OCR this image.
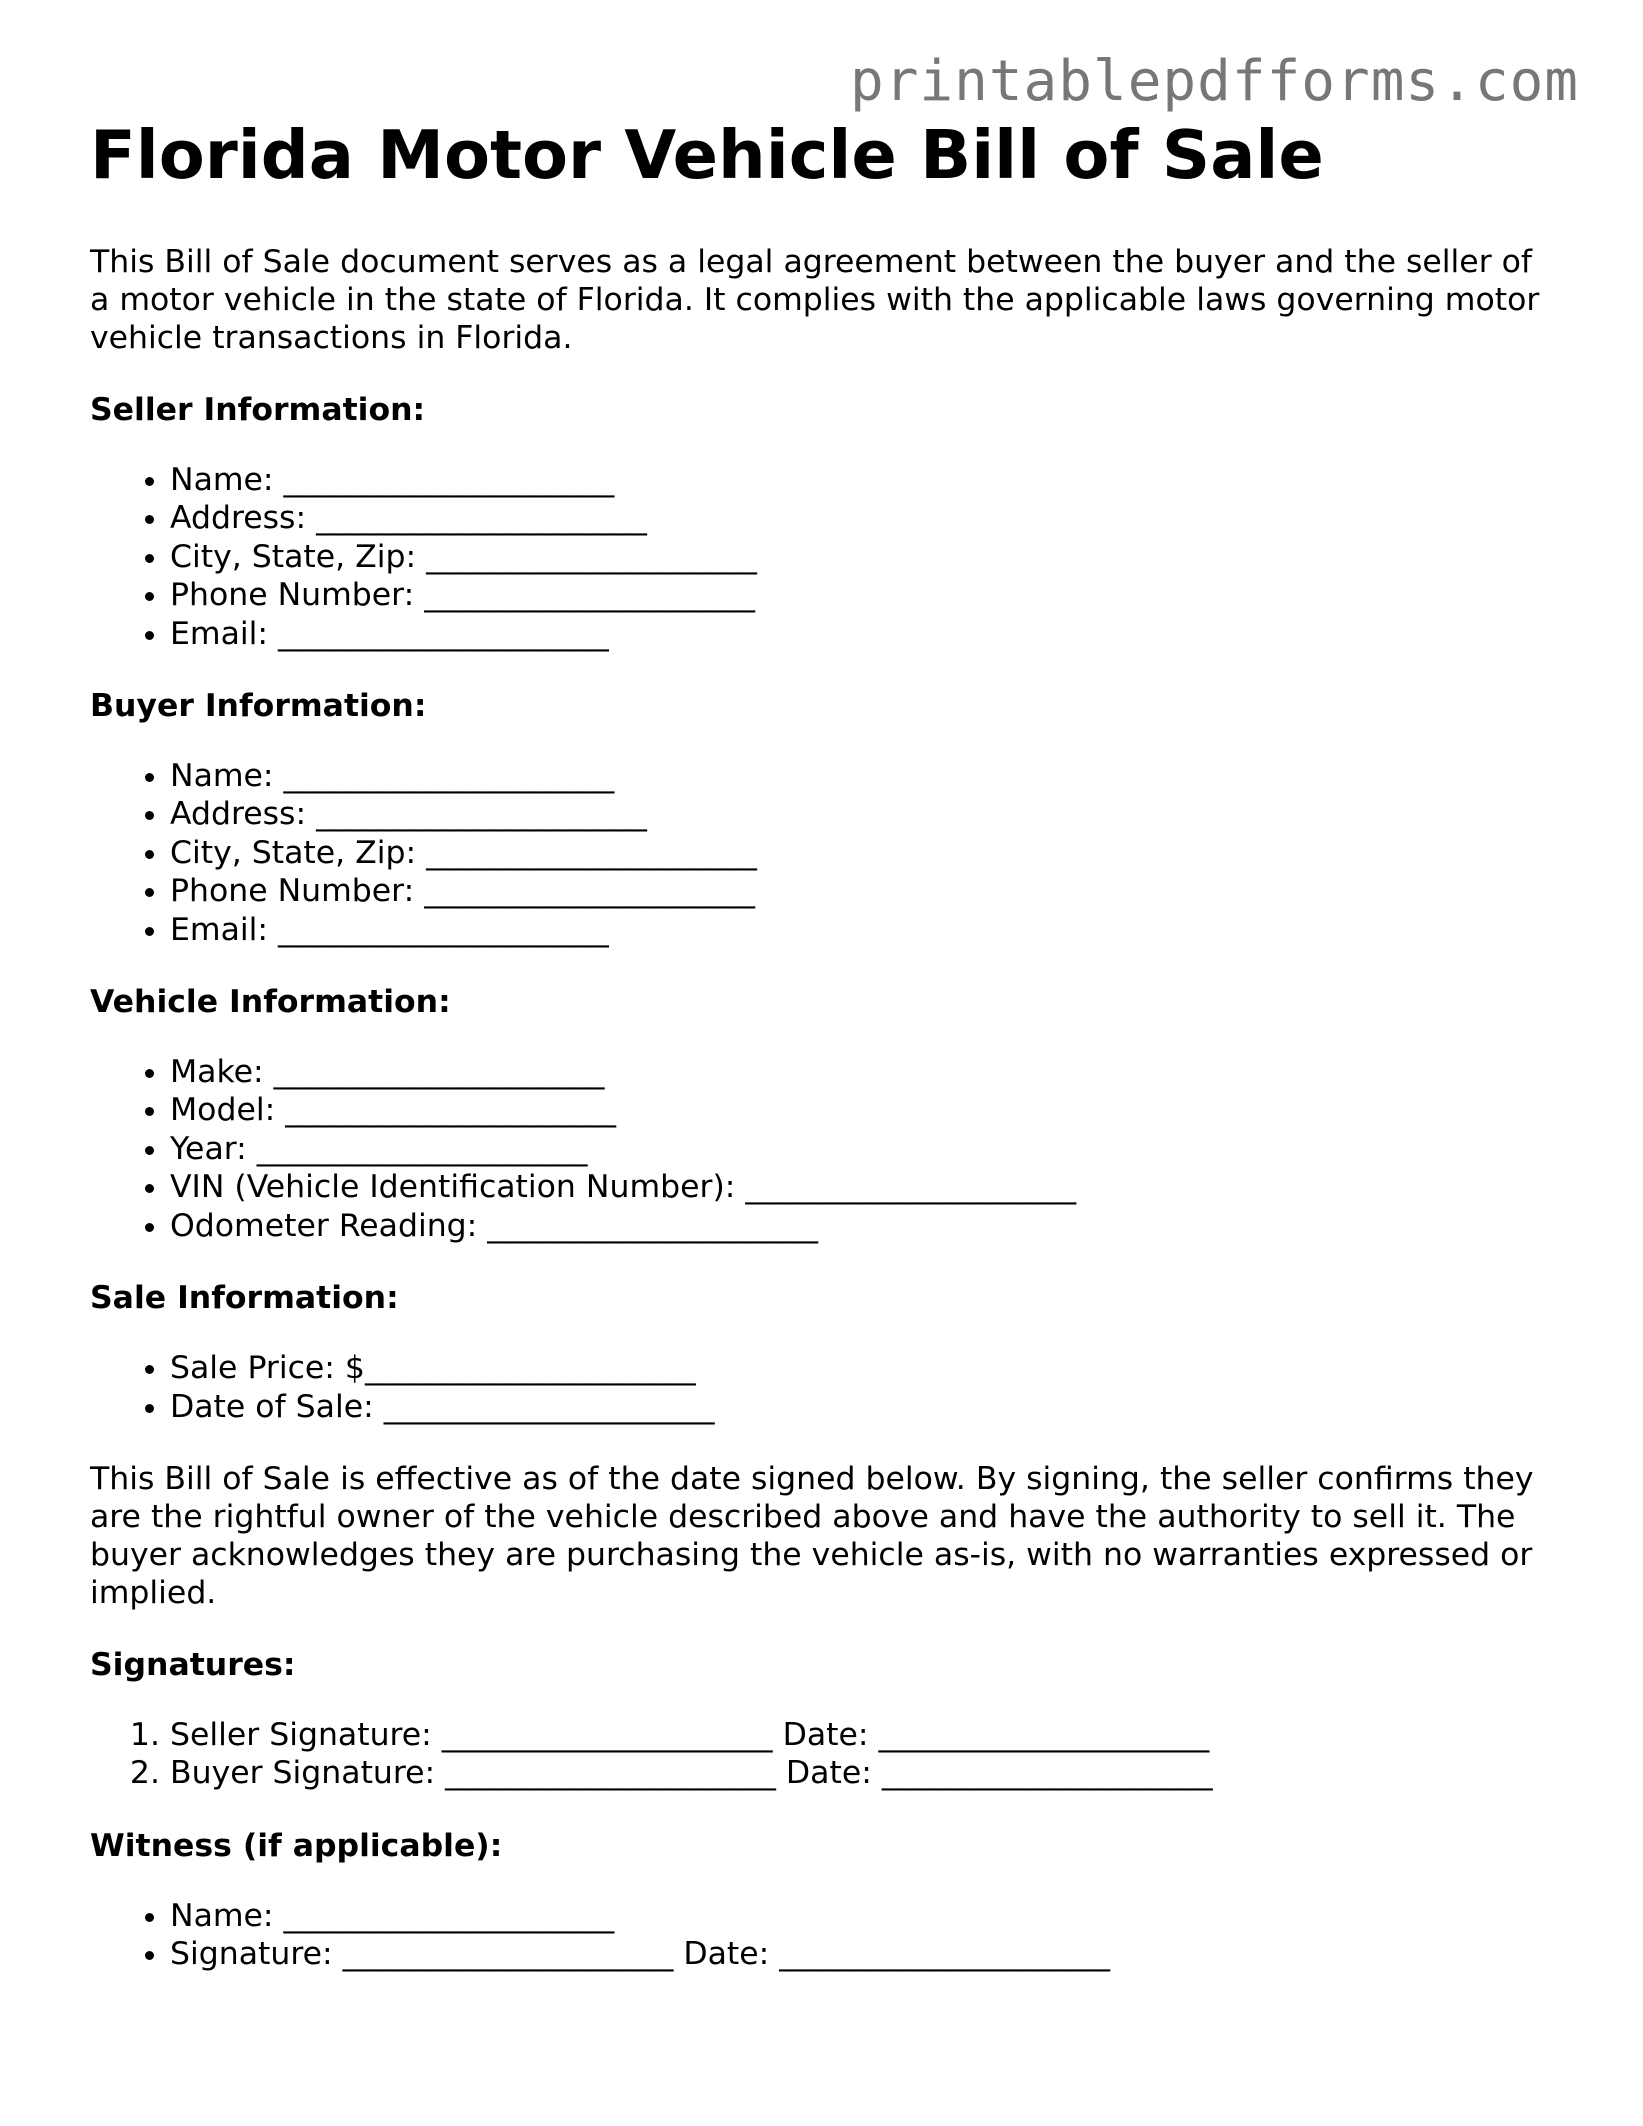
printablepdfforms.com
Florida Motor Vehicle Bill of Sale

This Bill of Sale document serves as a legal agreement between the buyer and the seller of a motor vehicle in the state of Florida. It complies with the applicable laws governing motor vehicle transactions in Florida.

Seller Information:
• Name: _____________________
• Address: _____________________
• City, State, Zip: _____________________
• Phone Number: _____________________
• Email: _____________________
Buyer Information:
• Name: _____________________
• Address: _____________________
• City, State, Zip: _____________________
• Phone Number: _____________________
• Email: _____________________
Vehicle Information:
• Make: _____________________
• Model: _____________________
• Year: _____________________
• VIN (Vehicle Identification Number): _____________________
• Odometer Reading: _____________________
Sale Information:
• Sale Price: $_____________________
• Date of Sale: _____________________

This Bill of Sale is effective as of the date signed below. By signing, the seller confirms they are the rightful owner of the vehicle described above and have the authority to sell it. The buyer acknowledges they are purchasing the vehicle as-is, with no warranties expressed or implied.

Signatures:
1. Seller Signature: _____________________ Date: _____________________
2. Buyer Signature: _____________________ Date: _____________________
Witness (if applicable):
• Name: _____________________
• Signature: _____________________ Date: _____________________
